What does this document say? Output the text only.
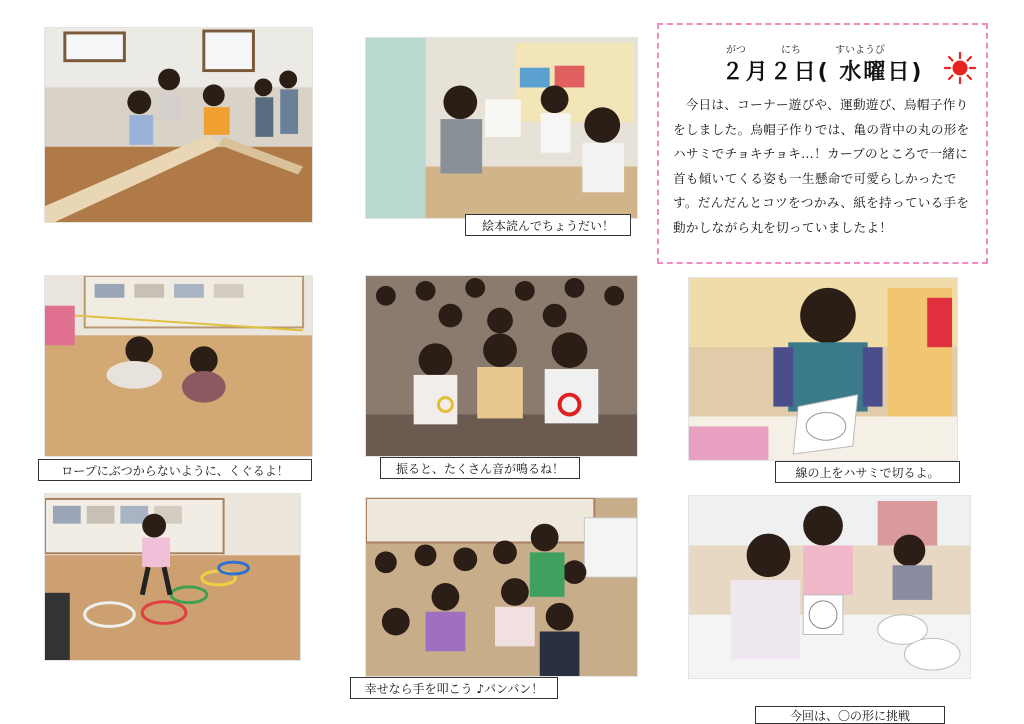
絵本読んでちょうだい！
がつ	にち	すいようび
２月２日( 水曜日)
今日は、コーナー遊びや、運動遊び、烏帽子作りをしました。烏帽子作りでは、亀の背中の丸の形をハサミでチョキチョキ…！カーブのところで一緒に首も傾いてくる姿も一生懸命で可愛らしかったです。だんだんとコツをつかみ、紙を持っている手を動かしながら丸を切っていましたよ！
ロープにぶつからないように、くぐるよ！	振ると、たくさん音が鳴るね！	線の上をハサミで切るよ。
幸せなら手を叩こう ♪パンパン！
今回は、〇の形に挑戦
